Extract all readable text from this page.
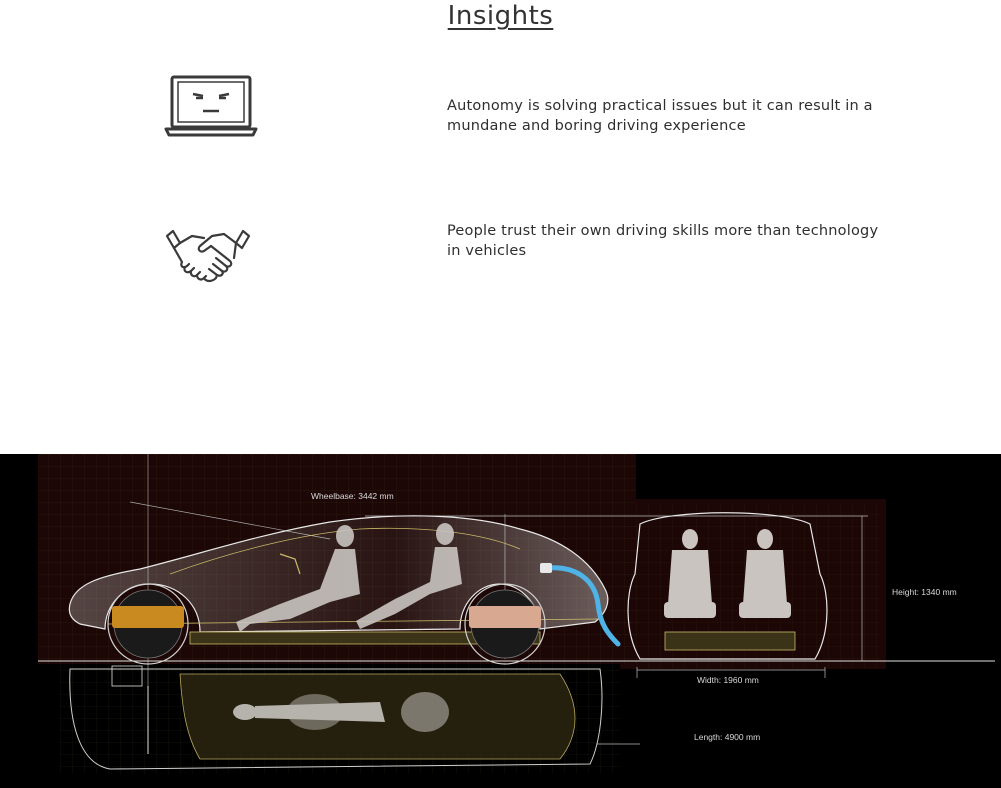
Insights
Autonomy is solving practical issues but it can result in a mundane and boring driving experience
People trust their own driving skills more than technology in vehicles
Wheelbase: 3442 mm
Height: 1340 mm
Width: 1960 mm
Length: 4900 mm
